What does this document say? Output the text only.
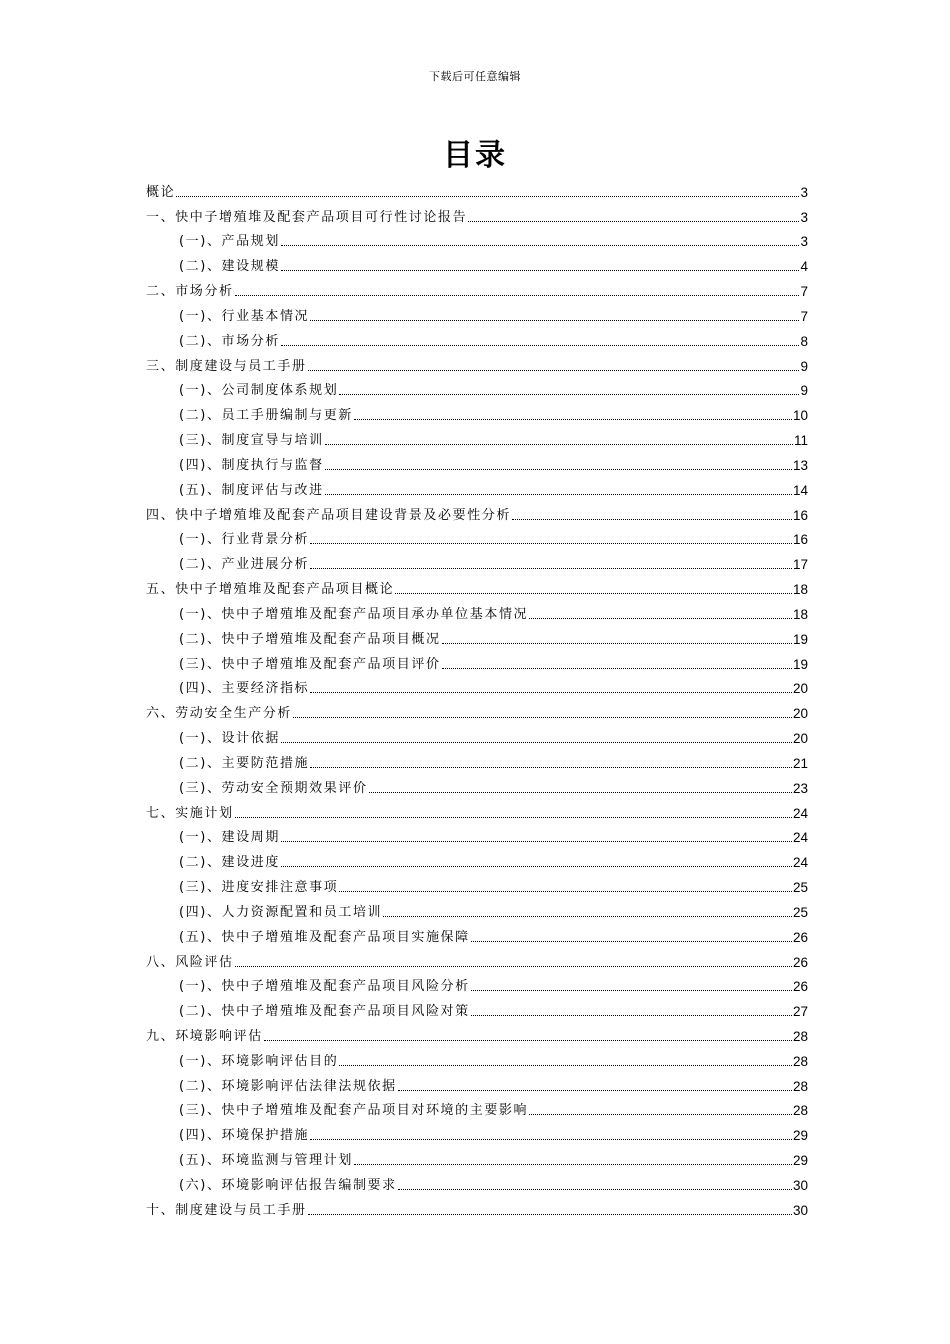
下载后可任意编辑
目录
概论	3
一、快中子增殖堆及配套产品项目可行性讨论报告	3
(一)、产品规划	3
(二)、建设规模	4
二、市场分析	7
(一)、行业基本情况	7
(二)、市场分析	8
三、制度建设与员工手册	9
(一)、公司制度体系规划	9
(二)、员工手册编制与更新	10
(三)、制度宣导与培训	11
(四)、制度执行与监督	13
(五)、制度评估与改进	14
四、快中子增殖堆及配套产品项目建设背景及必要性分析	16
(一)、行业背景分析	16
(二)、产业进展分析	17
五、快中子增殖堆及配套产品项目概论	18
(一)、快中子增殖堆及配套产品项目承办单位基本情况	18
(二)、快中子增殖堆及配套产品项目概况	19
(三)、快中子增殖堆及配套产品项目评价	19
(四)、主要经济指标	20
六、劳动安全生产分析	20
(一)、设计依据	20
(二)、主要防范措施	21
(三)、劳动安全预期效果评价	23
七、实施计划	24
(一)、建设周期	24
(二)、建设进度	24
(三)、进度安排注意事项	25
(四)、人力资源配置和员工培训	25
(五)、快中子增殖堆及配套产品项目实施保障	26
八、风险评估	26
(一)、快中子增殖堆及配套产品项目风险分析	26
(二)、快中子增殖堆及配套产品项目风险对策	27
九、环境影响评估	28
(一)、环境影响评估目的	28
(二)、环境影响评估法律法规依据	28
(三)、快中子增殖堆及配套产品项目对环境的主要影响	28
(四)、环境保护措施	29
(五)、环境监测与管理计划	29
(六)、环境影响评估报告编制要求	30
十、制度建设与员工手册	30
